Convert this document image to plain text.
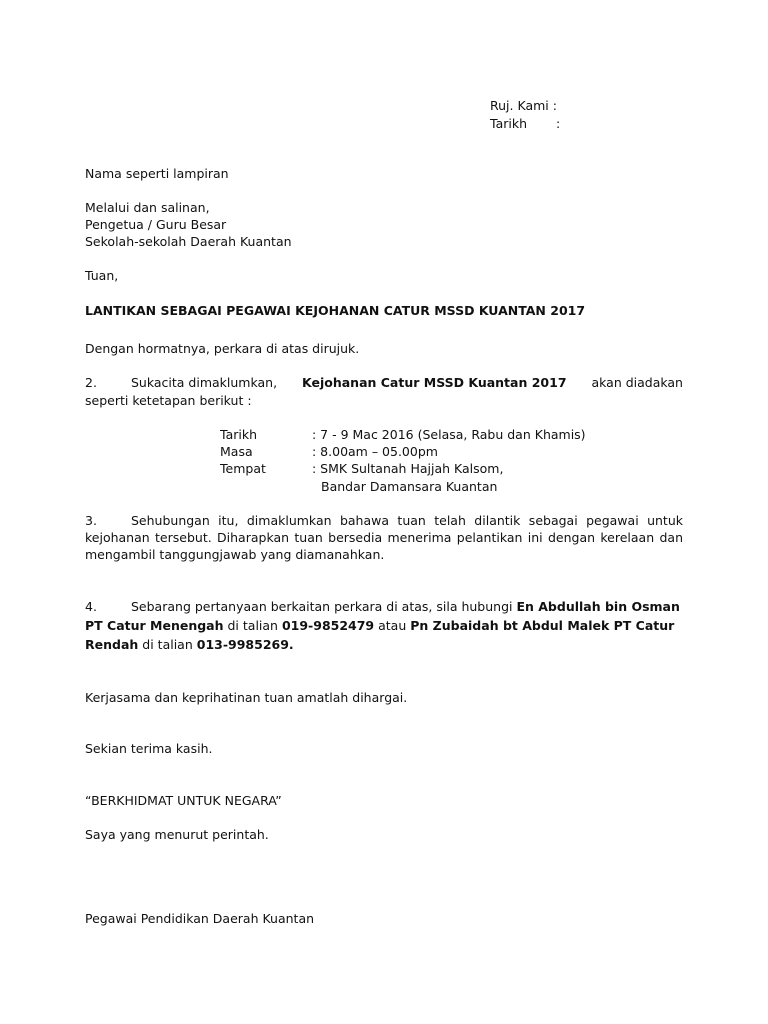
Ruj. Kami :
Tarikh :
Nama seperti lampiran
Melalui dan salinan,
Pengetua / Guru Besar
Sekolah-sekolah Daerah Kuantan
Tuan,
LANTIKAN SEBAGAI PEGAWAI KEJOHANAN CATUR MSSD KUANTAN 2017
Dengan hormatnya, perkara di atas dirujuk.
2.	Sukacita dimaklumkan, Kejohanan Catur MSSD Kuantan 2017 akan diadakan
seperti ketetapan berikut :
Tarikh	: 7 - 9 Mac 2016 (Selasa, Rabu dan Khamis)
Masa	: 8.00am – 05.00pm
Tempat	: SMK Sultanah Hajjah Kalsom,
Bandar Damansara Kuantan
3.	Sehubungan itu, dimaklumkan bahawa tuan telah dilantik sebagai pegawai untuk
kejohanan tersebut. Diharapkan tuan bersedia menerima pelantikan ini dengan kerelaan dan
mengambil tanggungjawab yang diamanahkan.
4.	Sebarang pertanyaan berkaitan perkara di atas, sila hubungi En Abdullah bin Osman
PT Catur Menengah di talian 019-9852479 atau Pn Zubaidah bt Abdul Malek PT Catur
Rendah di talian 013-9985269.
Kerjasama dan keprihatinan tuan amatlah dihargai.
Sekian terima kasih.
“BERKHIDMAT UNTUK NEGARA”
Saya yang menurut perintah.
Pegawai Pendidikan Daerah Kuantan
